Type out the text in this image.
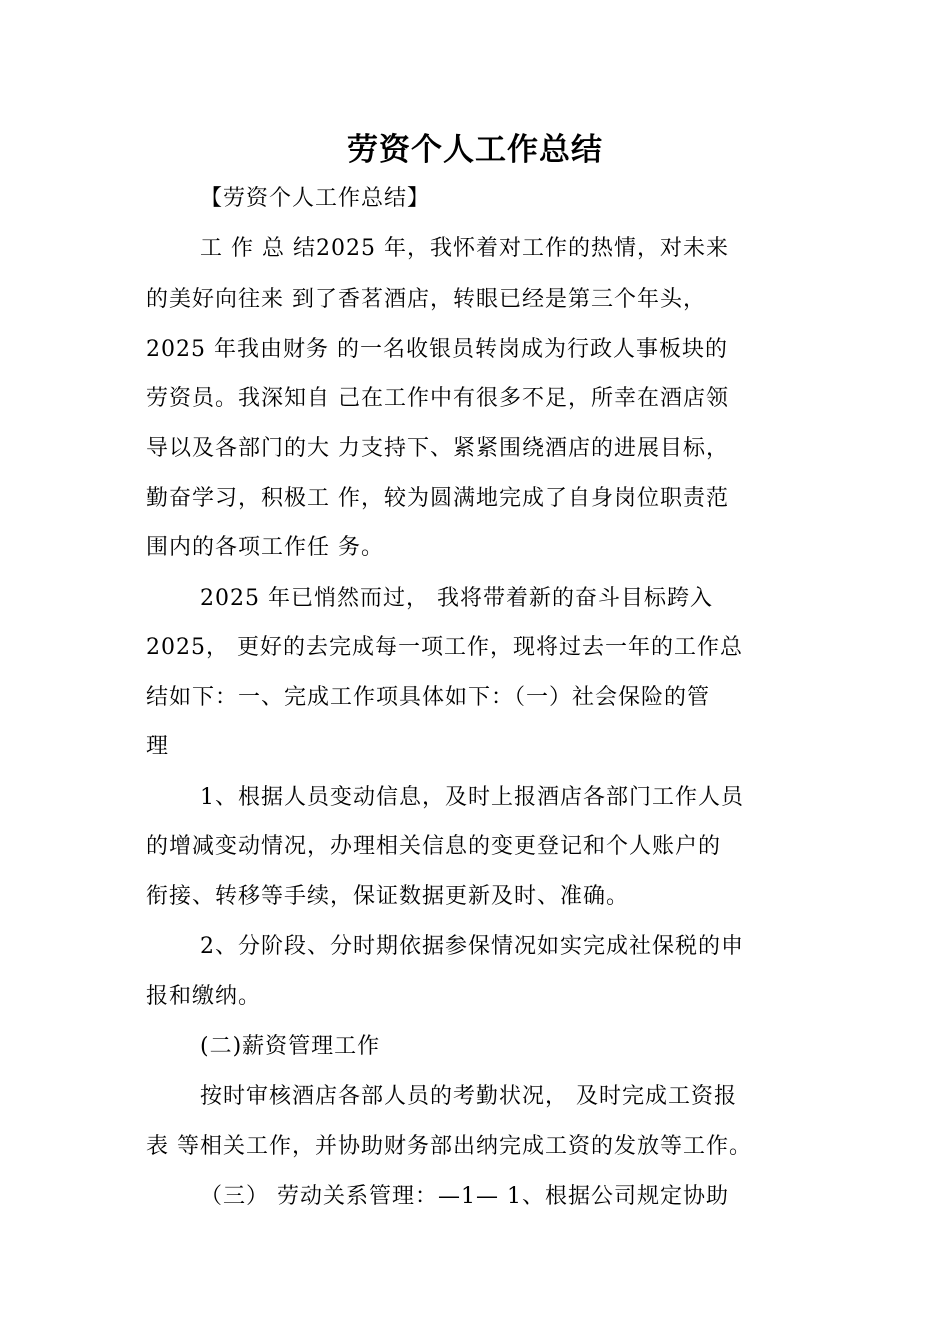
劳资个人工作总结
【劳资个人工作总结】
工 作 总 结2025 年，我怀着对工作的热情，对未来
的美好向往来 到了香茗酒店，转眼已经是第三个年头，
2025 年我由财务 的一名收银员转岗成为行政人事板块的
劳资员。我深知自 己在工作中有很多不足，所幸在酒店领
导以及各部门的大 力支持下、紧紧围绕酒店的进展目标，
勤奋学习，积极工 作，较为圆满地完成了自身岗位职责范
围内的各项工作任 务。
2025 年已悄然而过， 我将带着新的奋斗目标跨入
2025， 更好的去完成每一项工作，现将过去一年的工作总
结如下：一、完成工作项具体如下：（一）社会保险的管
理
1、根据人员变动信息，及时上报酒店各部门工作人员
的增减变动情况，办理相关信息的变更登记和个人账户的
衔接、转移等手续，保证数据更新及时、准确。
2、分阶段、分时期依据参保情况如实完成社保税的申
报和缴纳。
(二)薪资管理工作
按时审核酒店各部人员的考勤状况， 及时完成工资报
表 等相关工作，并协助财务部出纳完成工资的发放等工作。
（三） 劳动关系管理：—1— 1、根据公司规定协助
